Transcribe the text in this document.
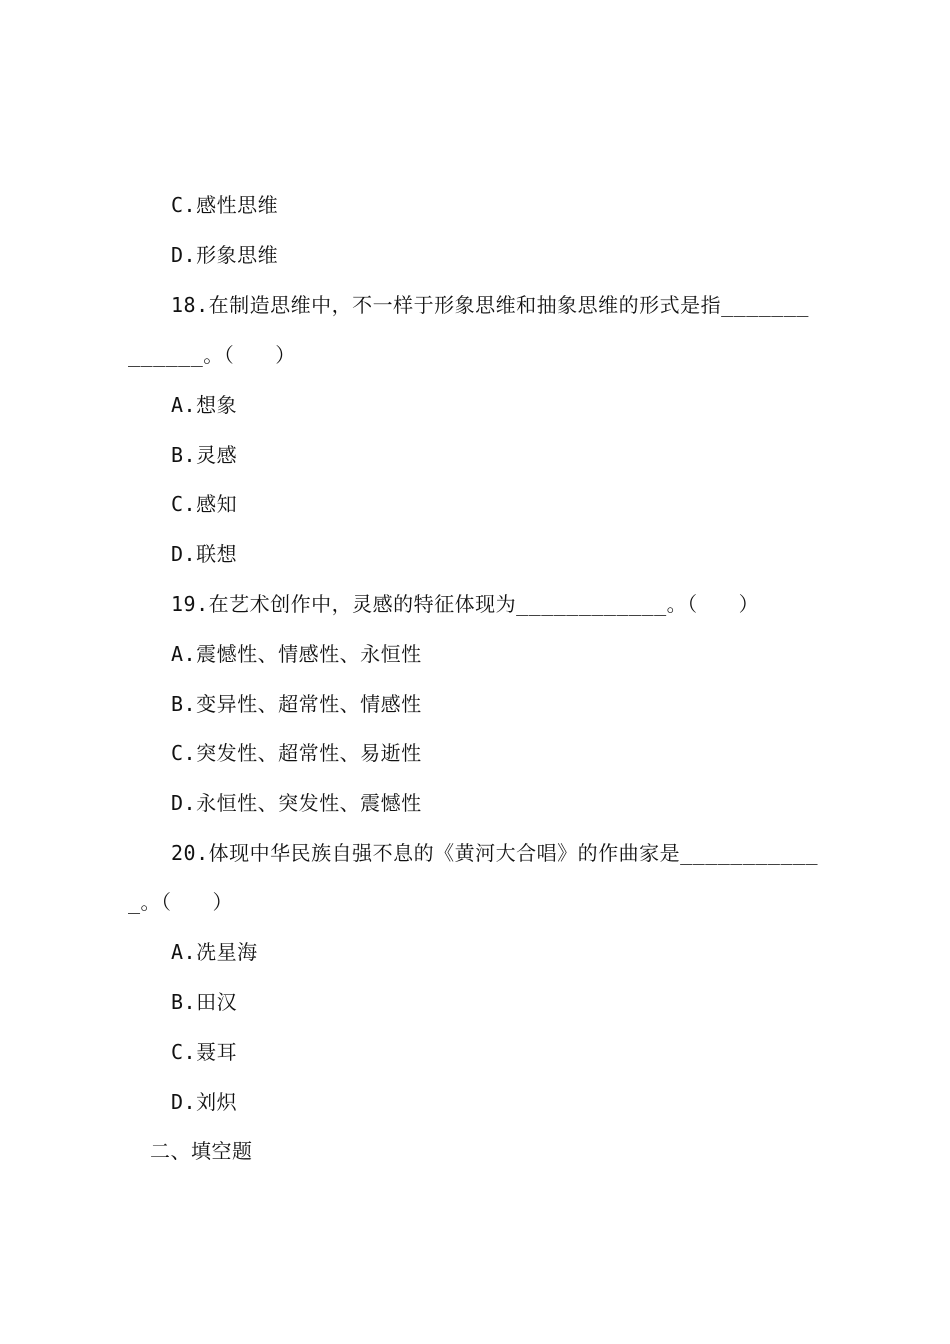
C.感性思维
D.形象思维
18.在制造思维中，不一样于形象思维和抽象思维的形式是指_______
______。（　　）
A.想象
B.灵感
C.感知
D.联想
19.在艺术创作中，灵感的特征体现为____________。（　　）
A.震憾性、情感性、永恒性
B.变异性、超常性、情感性
C.突发性、超常性、易逝性
D.永恒性、突发性、震憾性
20.体现中华民族自强不息的《黄河大合唱》的作曲家是___________
_。（　　）
A.冼星海
B.田汉
C.聂耳
D.刘炽
二、填空题
